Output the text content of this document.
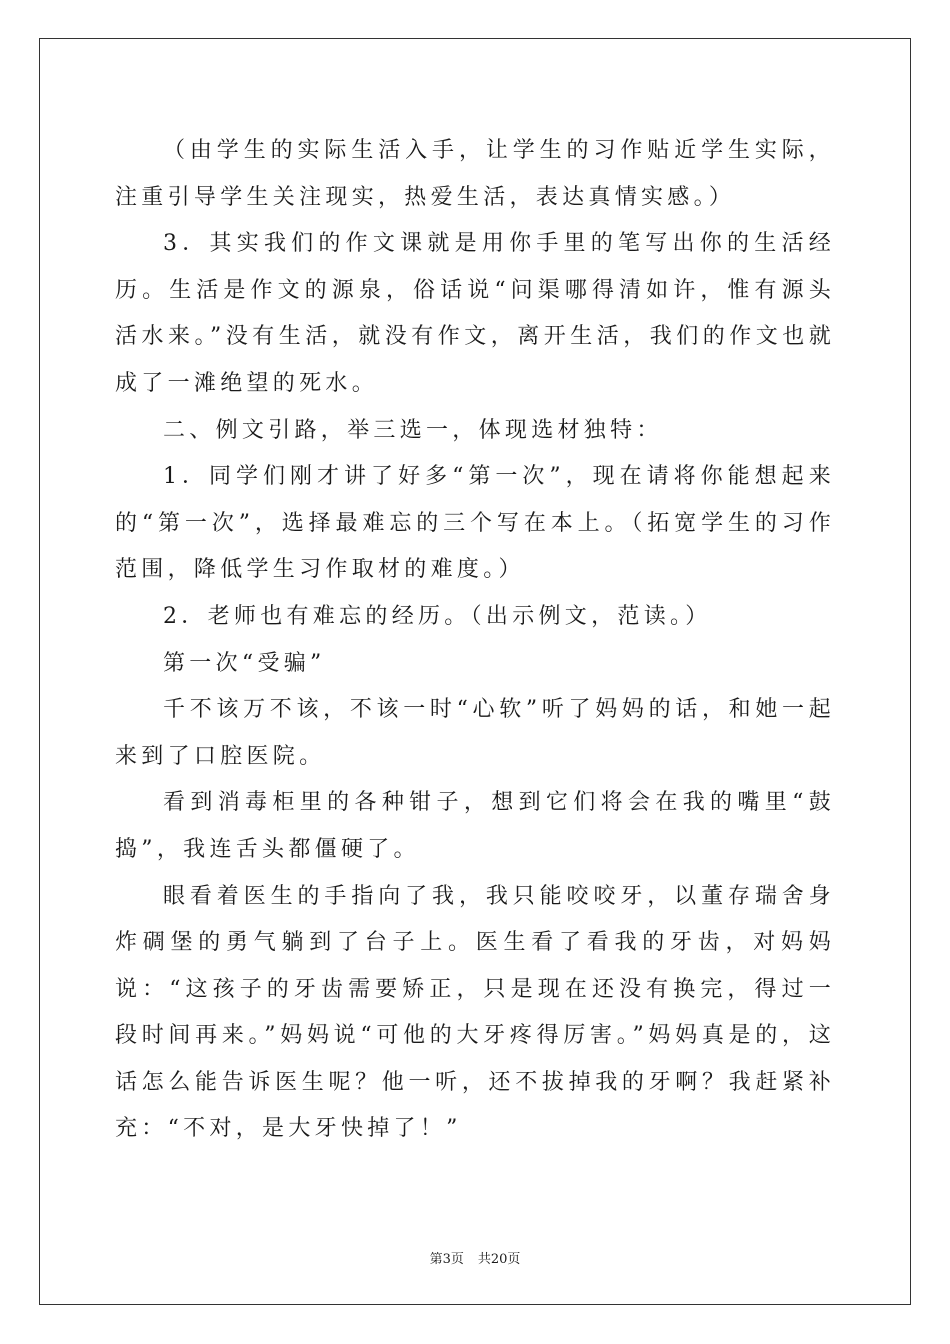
（由学生的实际生活入手，让学生的习作贴近学生实际，注重引导学生关注现实，热爱生活，表达真情实感。）

3．其实我们的作文课就是用你手里的笔写出你的生活经历。生活是作文的源泉，俗话说“问渠哪得清如许，惟有源头活水来。”没有生活，就没有作文，离开生活，我们的作文也就成了一滩绝望的死水。

二、例文引路，举三选一，体现选材独特：

1．同学们刚才讲了好多“第一次”，现在请将你能想起来的“第一次”，选择最难忘的三个写在本上。（拓宽学生的习作范围，降低学生习作取材的难度。）

2．老师也有难忘的经历。（出示例文，范读。）

第一次“受骗”

千不该万不该，不该一时“心软”听了妈妈的话，和她一起来到了口腔医院。

看到消毒柜里的各种钳子，想到它们将会在我的嘴里“鼓捣”，我连舌头都僵硬了。

眼看着医生的手指向了我，我只能咬咬牙，以董存瑞舍身炸碉堡的勇气躺到了台子上。医生看了看我的牙齿，对妈妈说：“这孩子的牙齿需要矫正，只是现在还没有换完，得过一段时间再来。”妈妈说“可他的大牙疼得厉害。”妈妈真是的，这话怎么能告诉医生呢？他一听，还不拔掉我的牙啊？我赶紧补充：“不对，是大牙快掉了！”

第3页 共20页
